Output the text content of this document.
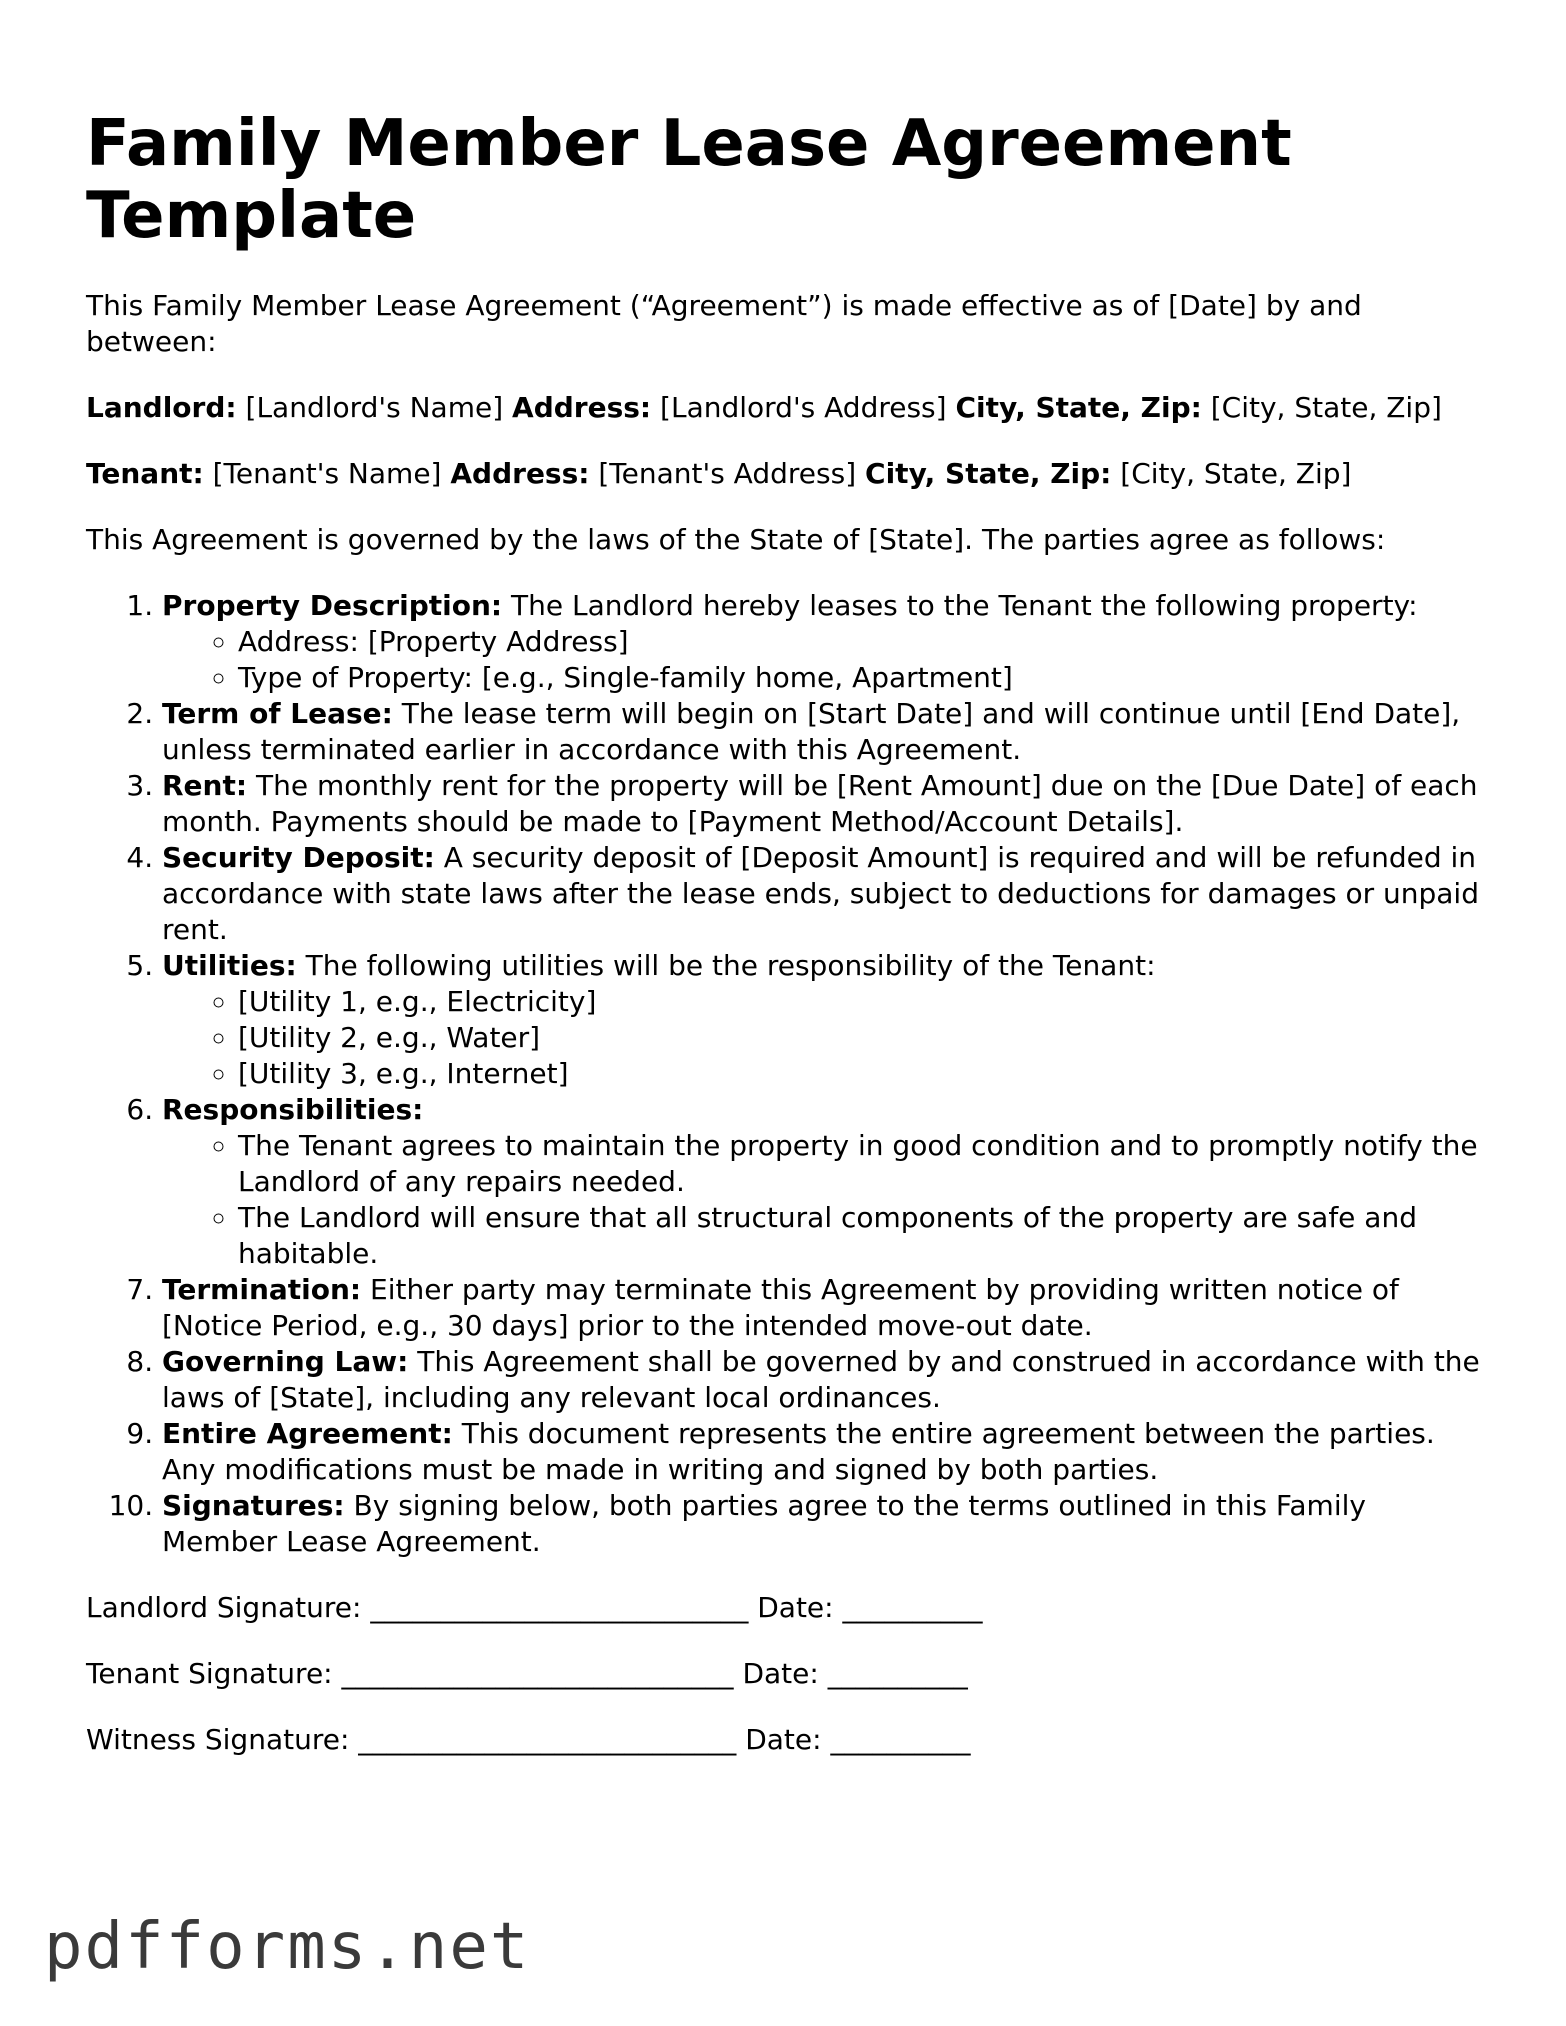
Family Member Lease Agreement Template

This Family Member Lease Agreement (“Agreement”) is made effective as of [Date] by and between:

Landlord: [Landlord's Name] Address: [Landlord's Address] City, State, Zip: [City, State, Zip]

Tenant: [Tenant's Name] Address: [Tenant's Address] City, State, Zip: [City, State, Zip]

This Agreement is governed by the laws of the State of [State]. The parties agree as follows:

1. Property Description: The Landlord hereby leases to the Tenant the following property:
◦ Address: [Property Address]
◦ Type of Property: [e.g., Single-family home, Apartment]
2. Term of Lease: The lease term will begin on [Start Date] and will continue until [End Date], unless terminated earlier in accordance with this Agreement.
3. Rent: The monthly rent for the property will be [Rent Amount] due on the [Due Date] of each month. Payments should be made to [Payment Method/Account Details].
4. Security Deposit: A security deposit of [Deposit Amount] is required and will be refunded in accordance with state laws after the lease ends, subject to deductions for damages or unpaid rent.
5. Utilities: The following utilities will be the responsibility of the Tenant:
◦ [Utility 1, e.g., Electricity]
◦ [Utility 2, e.g., Water]
◦ [Utility 3, e.g., Internet]
6. Responsibilities:
◦ The Tenant agrees to maintain the property in good condition and to promptly notify the Landlord of any repairs needed.
◦ The Landlord will ensure that all structural components of the property are safe and habitable.
7. Termination: Either party may terminate this Agreement by providing written notice of [Notice Period, e.g., 30 days] prior to the intended move-out date.
8. Governing Law: This Agreement shall be governed by and construed in accordance with the laws of [State], including any relevant local ordinances.
9. Entire Agreement: This document represents the entire agreement between the parties. Any modifications must be made in writing and signed by both parties.
10. Signatures: By signing below, both parties agree to the terms outlined in this Family Member Lease Agreement.

Landlord Signature: ___________________________ Date: __________

Tenant Signature: ____________________________ Date: __________

Witness Signature: ___________________________ Date: __________

pdfforms.net
